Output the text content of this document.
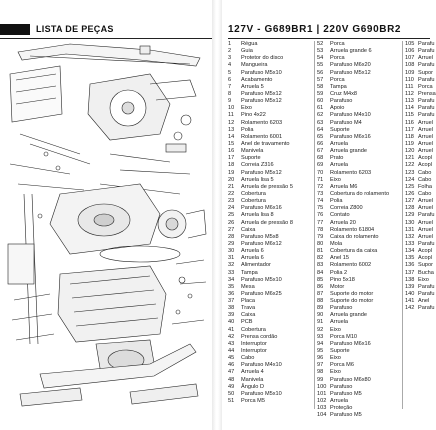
LISTA DE PEÇAS	127V - G689BR1 | 220V G690BR2
1 Régua
2 Guia
3 Protetor do disco
4 Mangueira
5 Parafuso M5x10
6 Acabamento
7 Arruela 5
8 Parafuso M5x12
9 Parafuso M5x12
10 Eixo
11 Pino 4x22
12 Rolamento 6203
13 Polia
14 Rolamento 6001
15 Anel de travamento
16 Manivela
17 Suporte
18 Correia Z316
19 Parafuso M5x12
20 Arruela lisa 5
21 Arruela de pressão 5
22 Cobertura
23 Cobertura
24 Parafuso M6x16
25 Arruela lisa 8
26 Arruela de pressão 8
27 Caixa
28 Parafuso M5x8
29 Parafuso M6x12
30 Arruela 6
31 Arruela 6
32 Alimentador
33 Tampa
34 Parafuso M5x10
35 Mesa
36 Parafuso M6x25
37 Placa
38 Trava
39 Caixa
40 PCB
41 Cobertura
42 Prensa cordão
43 Interruptor
44 Interruptor
45 Cabo
46 Parafuso M4x10
47 Arruela 4
48 Manivela
49 Ângulo D
50 Parafuso M5x10
51 Porca M5
52 Porca
53 Arruela grande 6
54 Porca
55 Parafuso M6x20
56 Parafuso M5x12
57 Porca
58 Tampa
59 Cruz M4x8
60 Parafuso
61 Apoio
62 Parafuso M4x10
63 Parafuso M4
64 Suporte
65 Parafuso M6x16
66 Arruela
67 Arruela grande
68 Prato
69 Arruela
70 Rolamento 6203
71 Eixo
72 Arruela M6
73 Cobertura do rolamento
74 Polia
75 Correia Z800
76 Contato
77 Arruela 20
78 Rolamento 61804
79 Caixa do rolamento
80 Mola
81 Cobertura da caixa
82 Anel 15
83 Rolamento 6002
84 Polia 2
85 Pino 5x18
86 Motor
87 Suporte do motor
88 Suporte do motor
89 Parafuso
90 Arruela grande
91 Arruela
92 Eixo
93 Porca M10
94 Parafuso M6x16
95 Suporte
96 Eixo
97 Porca M6
98 Eixo
99 Parafuso M6x80
100 Parafuso
101 Parafuso M5
102 Arruela
103 Proteção
104 Parafuso M5
105 Parafu
106 Parafu
107 Arruel
108 Parafu
109 Supor
110 Parafu
111 Porca
112 Prensa
113 Parafu
114 Parafu
115 Parafu
116 Arruel
117 Arruel
118 Arruel
119 Arruel
120 Arruel
121 Acopl
122 Acopl
123 Cabo
124 Cabo
125 Folha
126 Cabo
127 Arruel
128 Arruel
129 Parafu
130 Arruel
131 Arruel
132 Arruel
133 Parafu
134 Acopl
135 Acopl
136 Supor
137 Bucha
138 Eixo
139 Parafu
140 Parafu
141 Anel
142 Parafu
